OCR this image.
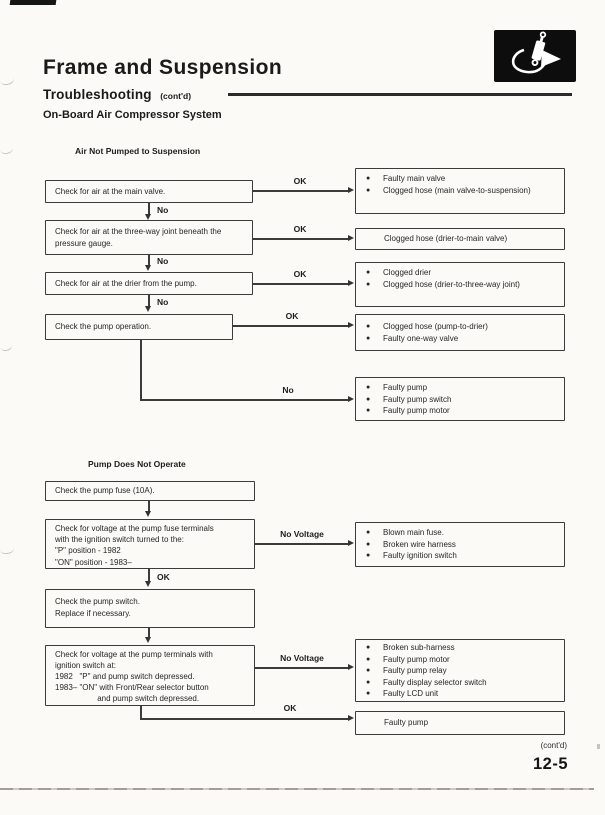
Frame and Suspension
Troubleshooting (cont'd)
On-Board Air Compressor System
Air Not Pumped to Suspension
Check for air at the main valve.
OK ●	Faulty main valve
●
Clogged hose (main valve-to-suspension)
No
Check for air at the three-way joint beneath the pressure gauge.
OK
Clogged hose (drier-to-main valve)
No
Check for air at the drier from the pump.
OK ●	Clogged drier
●
Clogged hose (drier-to-three-way joint)
No
Check the pump operation.
OK
●
Clogged hose (pump-to-drier)
●
Faulty one-way valve
No ●	Faulty pump
●
Faulty pump switch
●
Faulty pump motor
Pump Does Not Operate
Check the pump fuse (10A).
Check for voltage at the pump fuse terminals
with the ignition switch turned to the:
"P" position - 1982
"ON" position - 1983–
No Voltage ●	Blown main fuse.
●
Broken wire harness
●
Faulty ignition switch
OK
Check the pump switch.
Replace if necessary.
Check for voltage at the pump terminals with
ignition switch at:
1982   "P" and pump switch depressed.
1983– "ON" with Front/Rear selector button
and pump switch depressed.
No Voltage
●
Broken sub-harness
●
Faulty pump motor
●
Faulty pump relay
●
Faulty display selector switch
●
Faulty LCD unit
OK
Faulty pump
(cont'd)
12-5
